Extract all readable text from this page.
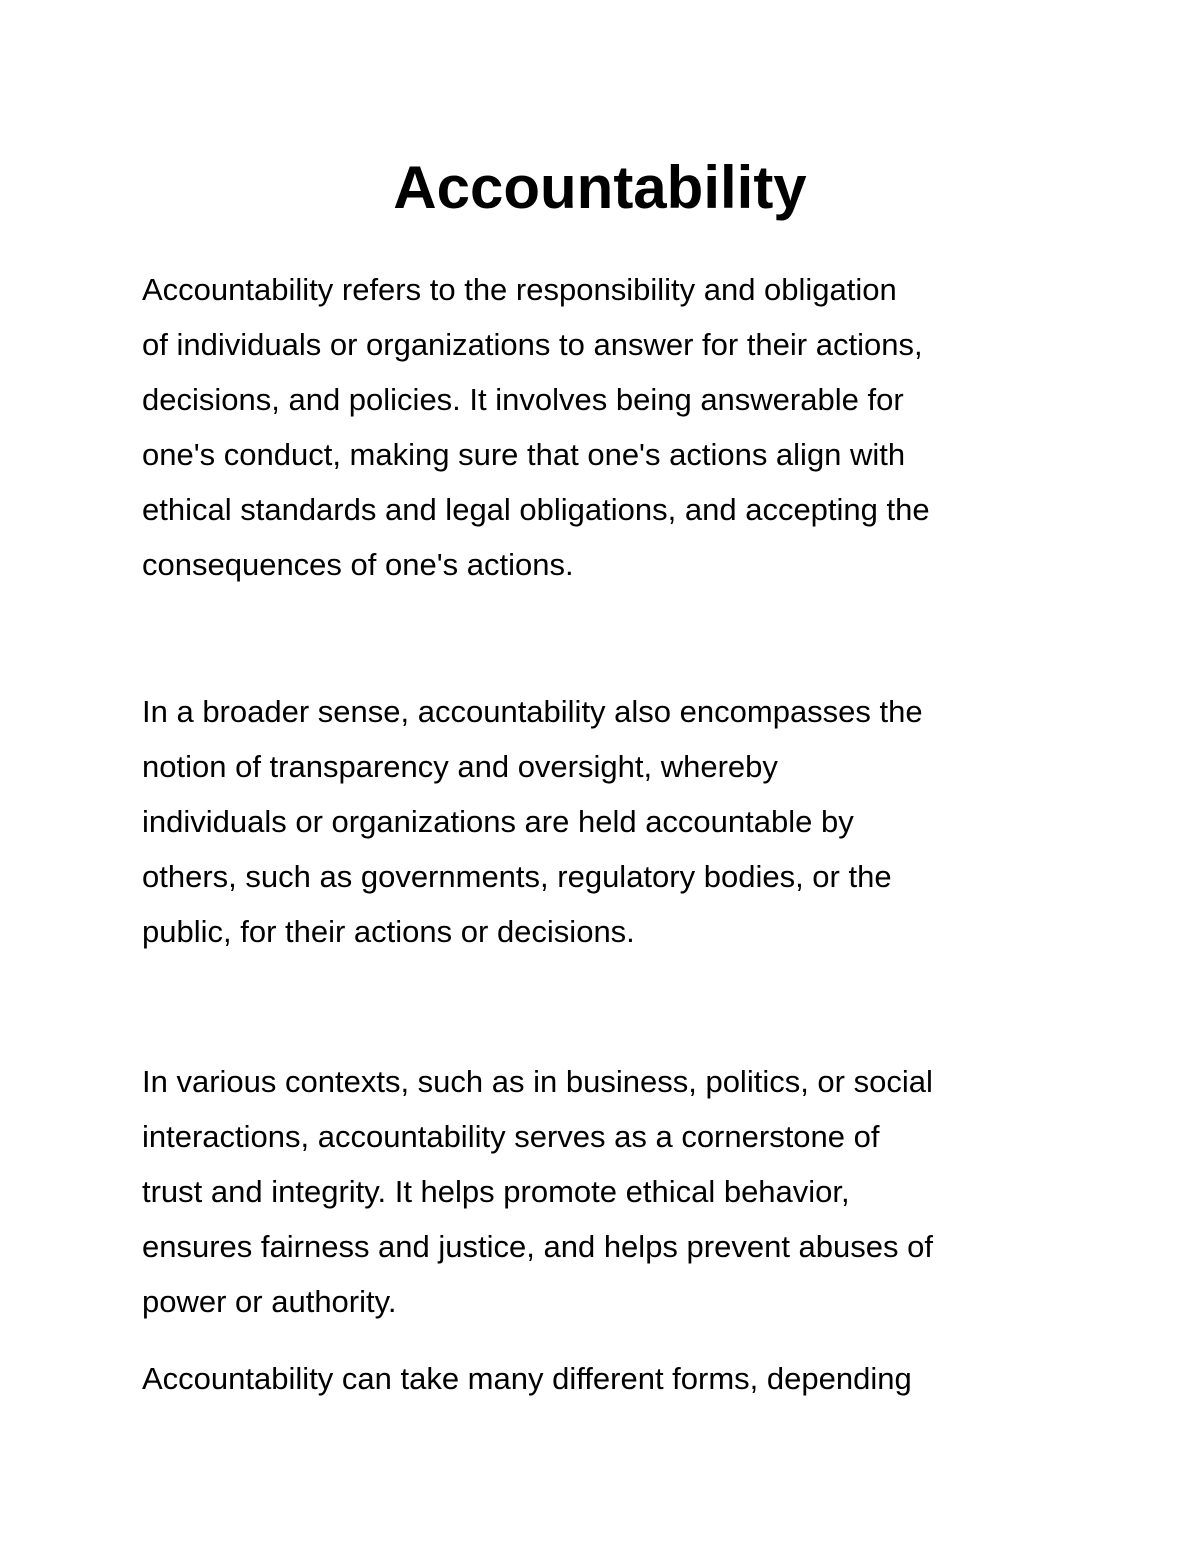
Accountability

Accountability refers to the responsibility and obligation
of individuals or organizations to answer for their actions,
decisions, and policies. It involves being answerable for
one's conduct, making sure that one's actions align with
ethical standards and legal obligations, and accepting the
consequences of one's actions.

In a broader sense, accountability also encompasses the
notion of transparency and oversight, whereby
individuals or organizations are held accountable by
others, such as governments, regulatory bodies, or the
public, for their actions or decisions.

In various contexts, such as in business, politics, or social
interactions, accountability serves as a cornerstone of
trust and integrity. It helps promote ethical behavior,
ensures fairness and justice, and helps prevent abuses of
power or authority.

Accountability can take many different forms, depending
